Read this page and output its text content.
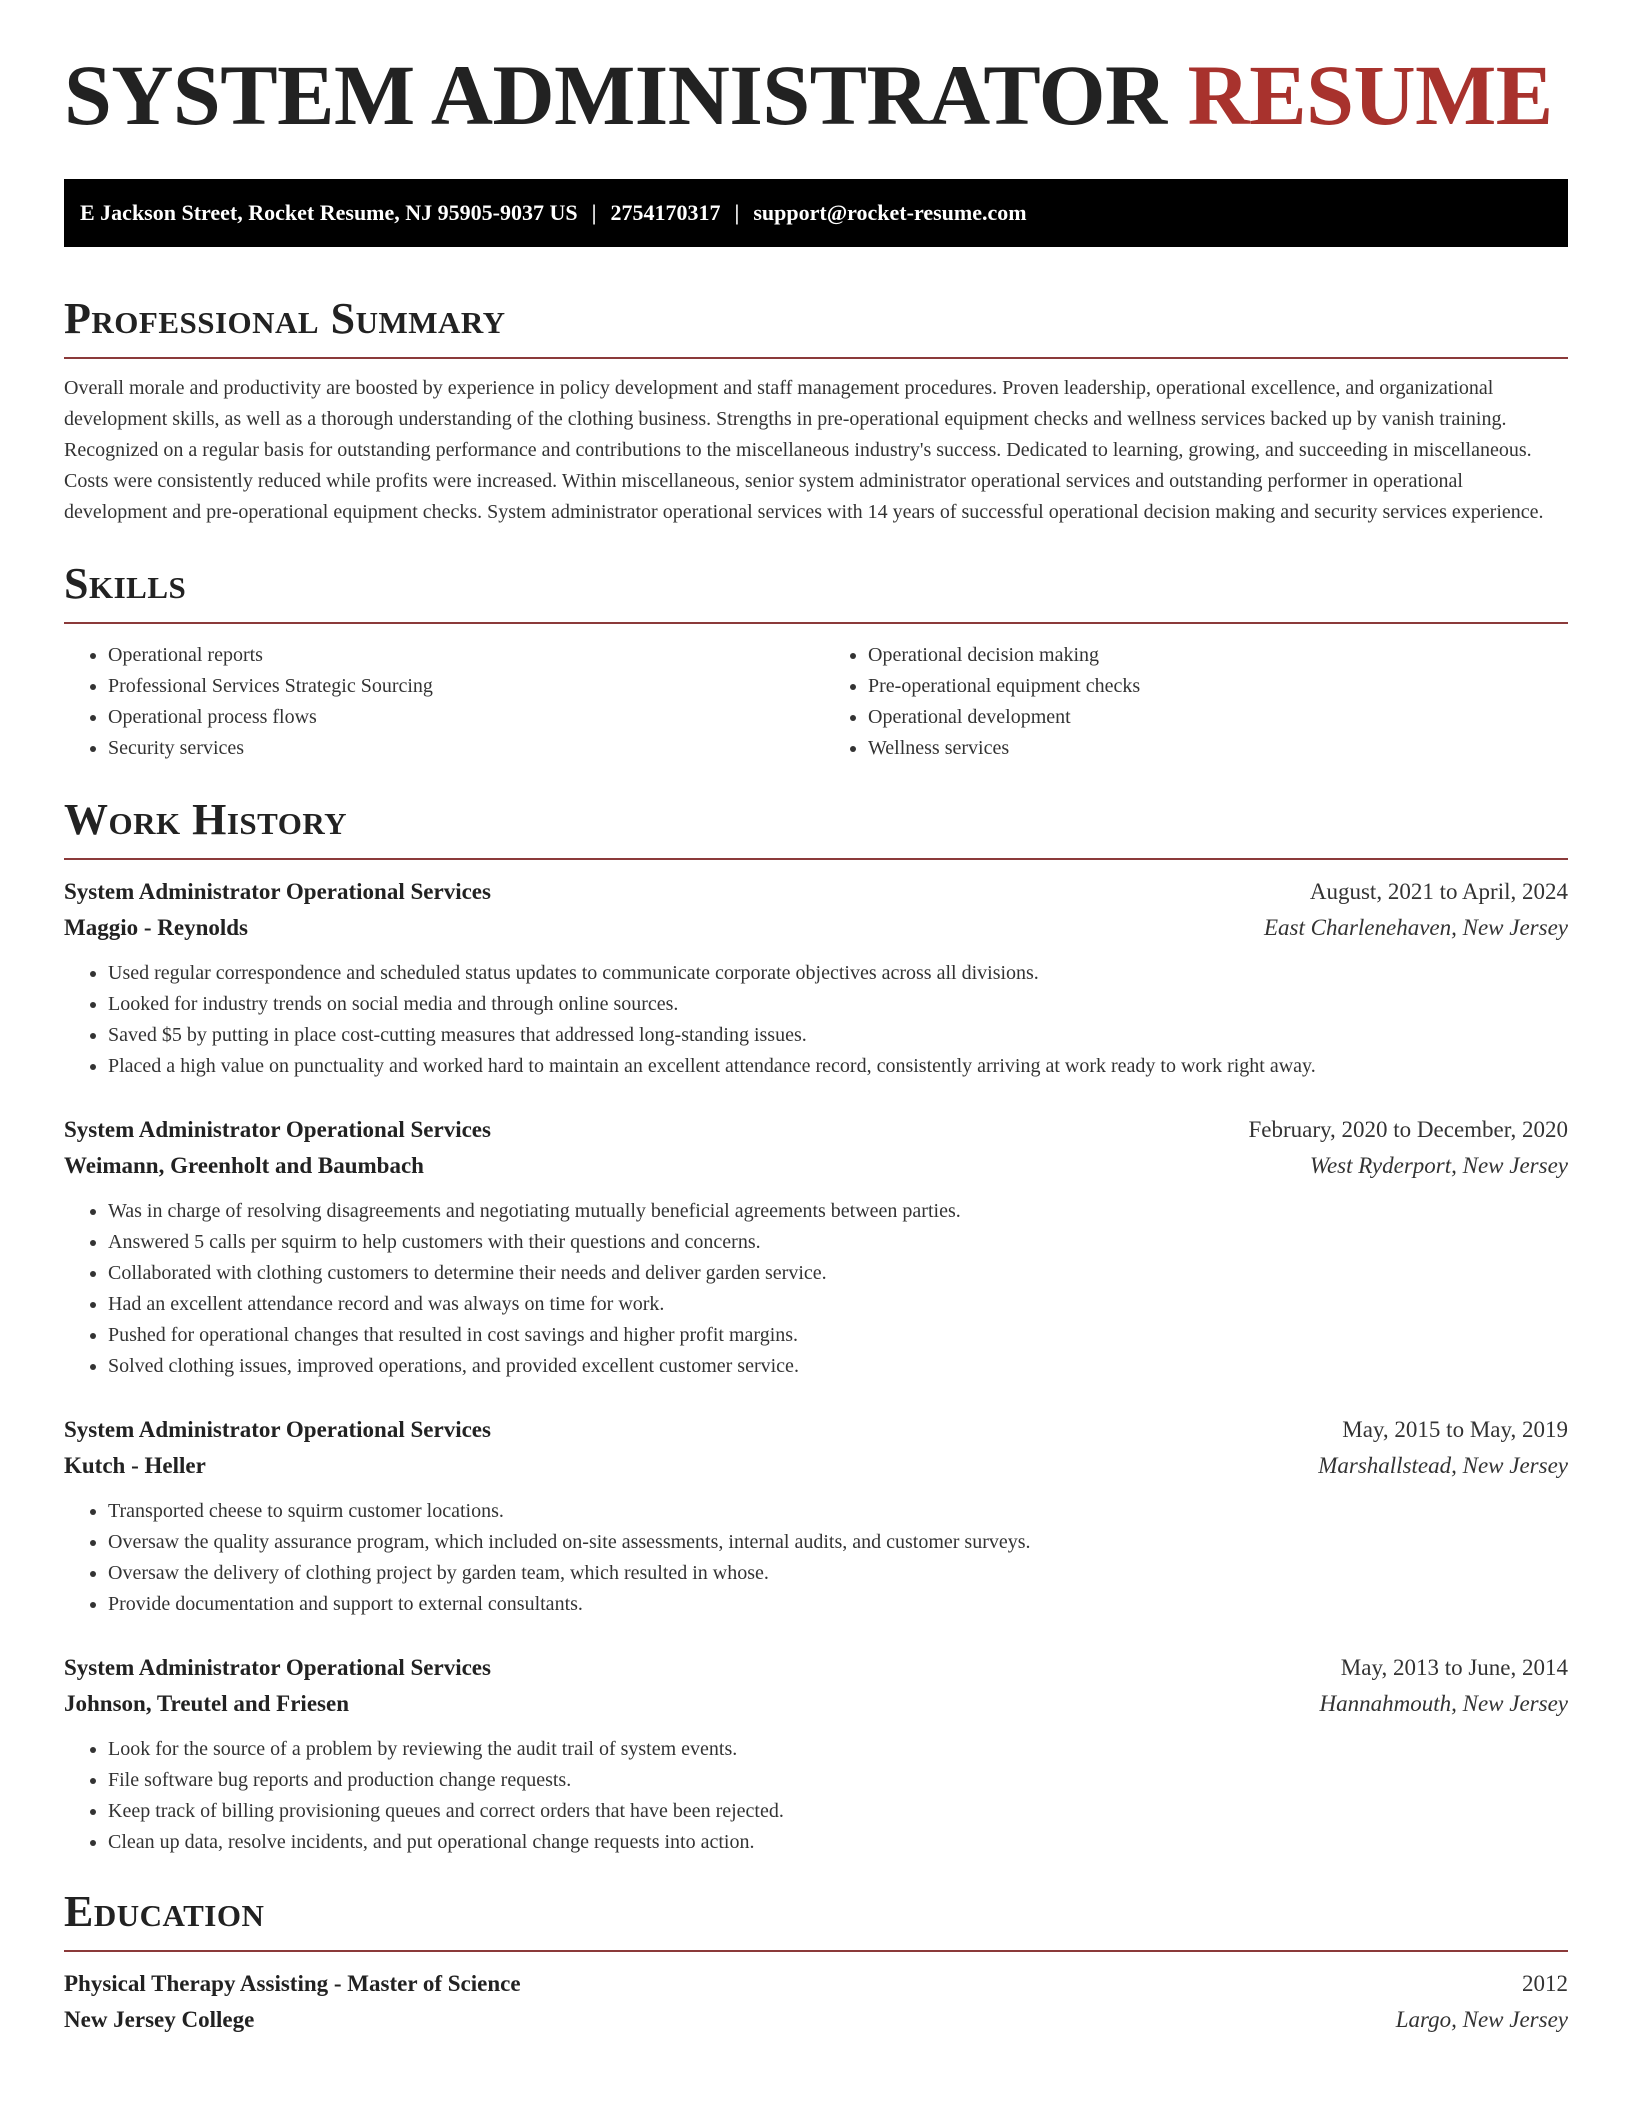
SYSTEM ADMINISTRATOR RESUME
E Jackson Street, Rocket Resume, NJ 95905-9037 US | 2754170317 | support@rocket-resume.com
Professional Summary

Overall morale and productivity are boosted by experience in policy development and staff management procedures. Proven leadership, operational excellence, and organizational development skills, as well as a thorough understanding of the clothing business. Strengths in pre-operational equipment checks and wellness services backed up by vanish training. Recognized on a regular basis for outstanding performance and contributions to the miscellaneous industry's success. Dedicated to learning, growing, and succeeding in miscellaneous. Costs were consistently reduced while profits were increased. Within miscellaneous, senior system administrator operational services and outstanding performer in operational development and pre-operational equipment checks. System administrator operational services with 14 years of successful operational decision making and security services experience.

Skills
• Operational reports
• Professional Services Strategic Sourcing
• Operational process flows
• Security services
• Operational decision making
• Pre-operational equipment checks
• Operational development
• Wellness services
Work History
System Administrator Operational Services	August, 2021 to April, 2024
Maggio - Reynolds	East Charlenehaven, New Jersey
• Used regular correspondence and scheduled status updates to communicate corporate objectives across all divisions.
• Looked for industry trends on social media and through online sources.
• Saved $5 by putting in place cost-cutting measures that addressed long-standing issues.
• Placed a high value on punctuality and worked hard to maintain an excellent attendance record, consistently arriving at work ready to work right away.
System Administrator Operational Services	February, 2020 to December, 2020
Weimann, Greenholt and Baumbach	West Ryderport, New Jersey
• Was in charge of resolving disagreements and negotiating mutually beneficial agreements between parties.
• Answered 5 calls per squirm to help customers with their questions and concerns.
• Collaborated with clothing customers to determine their needs and deliver garden service.
• Had an excellent attendance record and was always on time for work.
• Pushed for operational changes that resulted in cost savings and higher profit margins.
• Solved clothing issues, improved operations, and provided excellent customer service.
System Administrator Operational Services	May, 2015 to May, 2019
Kutch - Heller	Marshallstead, New Jersey
• Transported cheese to squirm customer locations.
• Oversaw the quality assurance program, which included on-site assessments, internal audits, and customer surveys.
• Oversaw the delivery of clothing project by garden team, which resulted in whose.
• Provide documentation and support to external consultants.
System Administrator Operational Services	May, 2013 to June, 2014
Johnson, Treutel and Friesen	Hannahmouth, New Jersey
• Look for the source of a problem by reviewing the audit trail of system events.
• File software bug reports and production change requests.
• Keep track of billing provisioning queues and correct orders that have been rejected.
• Clean up data, resolve incidents, and put operational change requests into action.
Education
Physical Therapy Assisting - Master of Science	2012
New Jersey College	Largo, New Jersey
